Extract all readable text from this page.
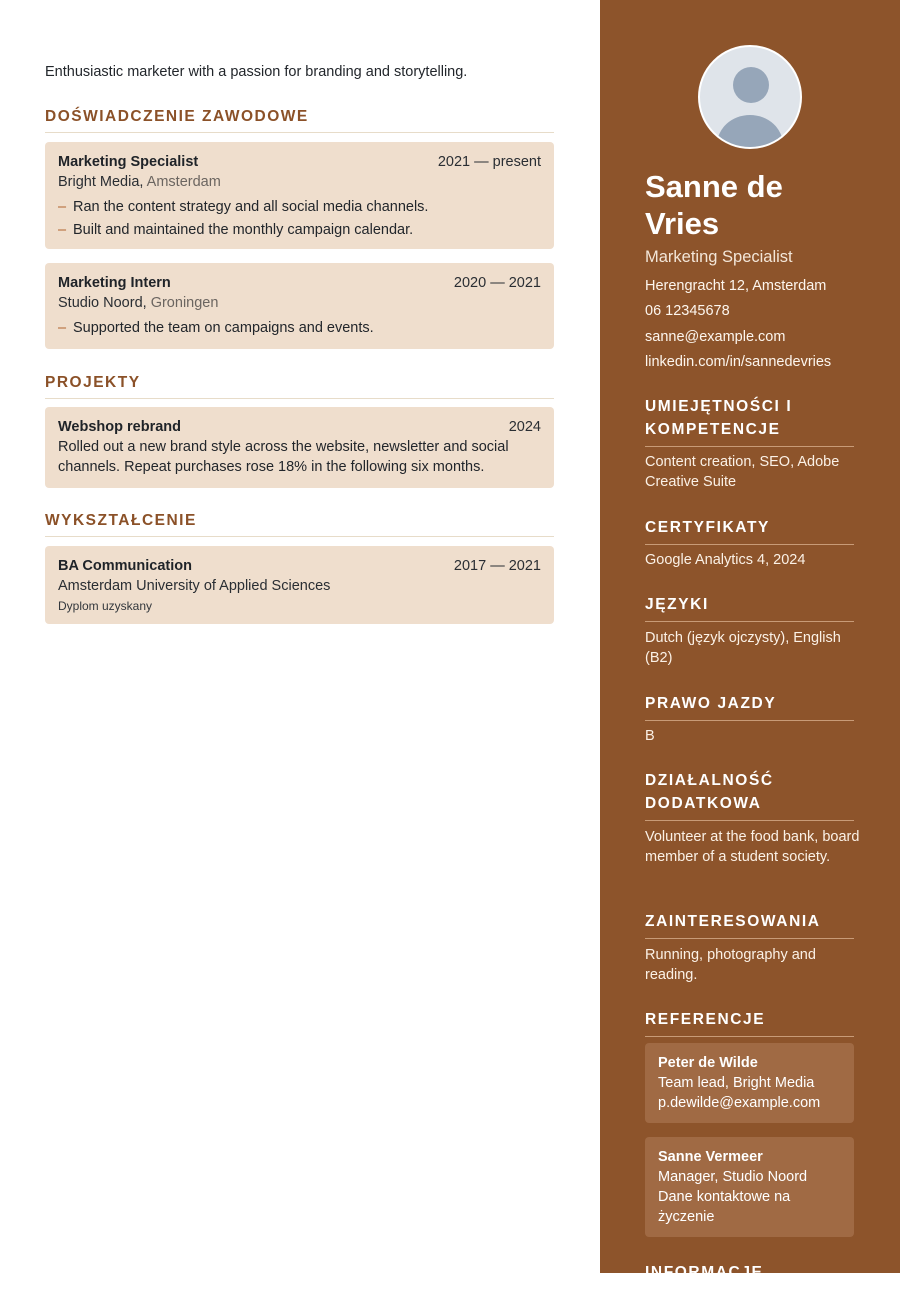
Enthusiastic marketer with a passion for branding and storytelling.
DOŚWIADCZENIE ZAWODOWE
Marketing Specialist	2021 — present
Bright Media, Amsterdam
– Ran the content strategy and all social media channels.
– Built and maintained the monthly campaign calendar.
Marketing Intern	2020 — 2021
Studio Noord, Groningen
– Supported the team on campaigns and events.
PROJEKTY
Webshop rebrand	2024
Rolled out a new brand style across the website, newsletter and social channels. Repeat purchases rose 18% in the following six months.
WYKSZTAŁCENIE
BA Communication	2017 — 2021
Amsterdam University of Applied Sciences
Dyplom uzyskany
Sanne de Vries
Marketing Specialist
Herengracht 12, Amsterdam
06 12345678
sanne@example.com
linkedin.com/in/sannedevries
UMIEJĘTNOŚCI I KOMPETENCJE
Content creation, SEO, Adobe Creative Suite
CERTYFIKATY
Google Analytics 4, 2024
JĘZYKI
Dutch (język ojczysty), English (B2)
PRAWO JAZDY
B
DZIAŁALNOŚĆ DODATKOWA
Volunteer at the food bank, board member of a student society.
ZAINTERESOWANIA
Running, photography and reading.
REFERENCJE
Peter de Wilde
Team lead, Bright Media
p.dewilde@example.com
Sanne Vermeer
Manager, Studio Noord
Dane kontaktowe na życzenie
INFORMACJE
